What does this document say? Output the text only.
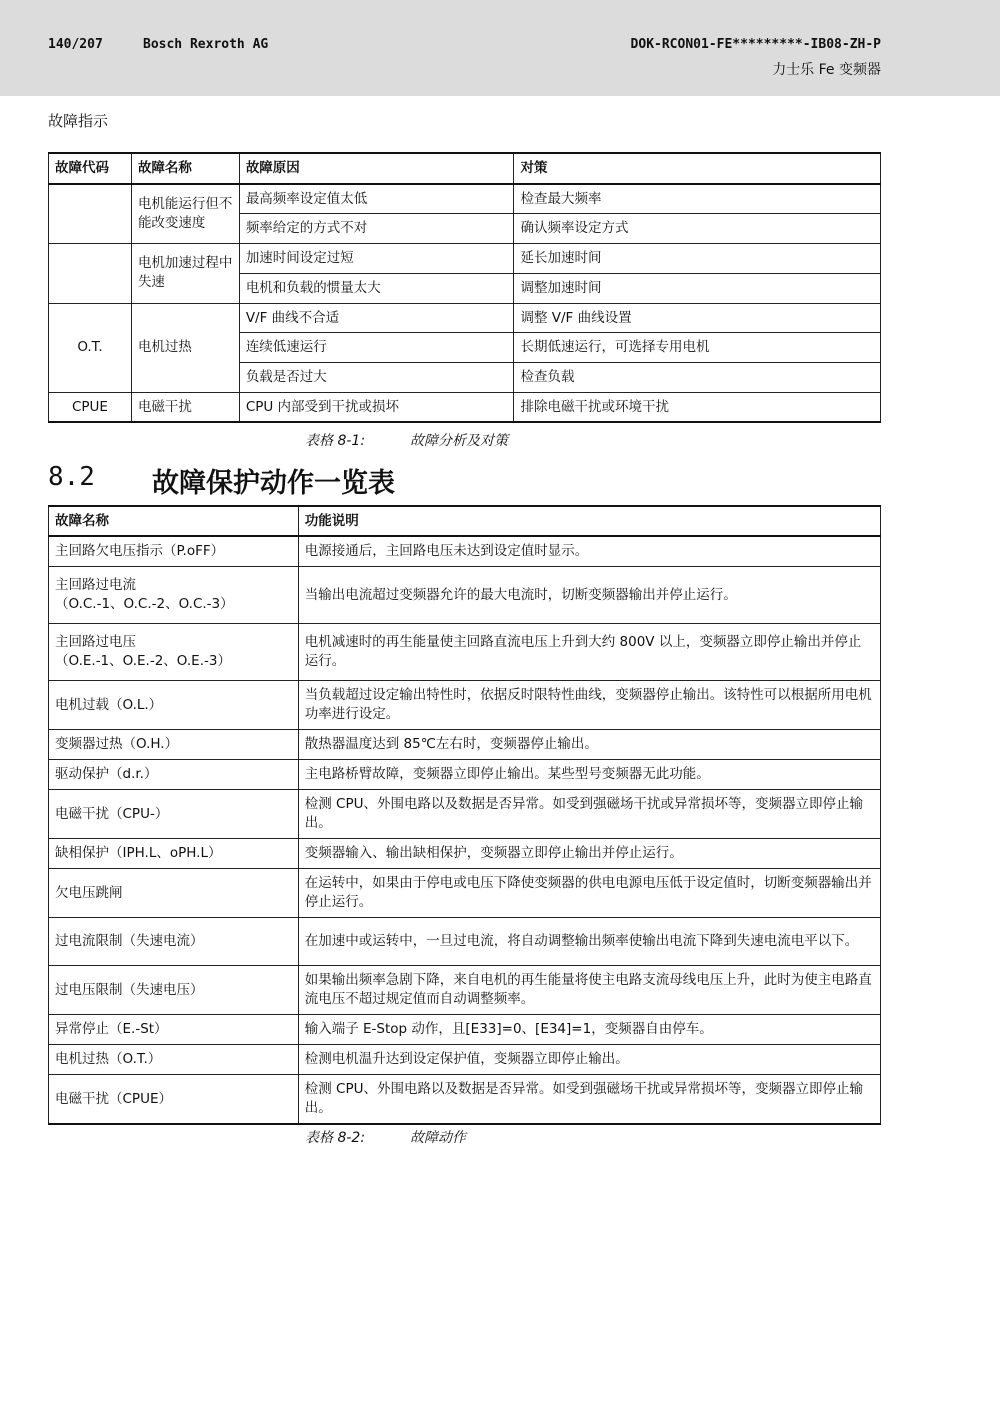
140/207	Bosch Rexroth AG	DOK-RCON01-FE*********-IB08-ZH-P
力士乐 Fe 变频器
故障指示
故障代码	故障名称	故障原因	对策
	电机能运行但不能改变速度	最高频率设定值太低	检查最大频率
		频率给定的方式不对	确认频率设定方式
	电机加速过程中失速	加速时间设定过短	延长加速时间
		电机和负载的惯量太大	调整加速时间
O.T.	电机过热	V/F 曲线不合适	调整 V/F 曲线设置
		连续低速运行	长期低速运行，可选择专用电机
		负载是否过大	检查负载
CPUE	电磁干扰	CPU 内部受到干扰或损坏	排除电磁干扰或环境干扰
表格 8-1:	故障分析及对策
8.2 故障保护动作一览表
故障名称	功能说明
主回路欠电压指示（P.oFF）	电源接通后，主回路电压未达到设定值时显示。
主回路过电流
（O.C.-1、O.C.-2、O.C.-3）	当输出电流超过变频器允许的最大电流时，切断变频器输出并停止运行。
主回路过电压
（O.E.-1、O.E.-2、O.E.-3）	电机减速时的再生能量使主回路直流电压上升到大约 800V 以上，变频器立即停止输出并停止运行。
电机过载（O.L.）	当负载超过设定输出特性时，依据反时限特性曲线，变频器停止输出。该特性可以根据所用电机功率进行设定。
变频器过热（O.H.）	散热器温度达到 85℃左右时，变频器停止输出。
驱动保护（d.r.）	主电路桥臂故障，变频器立即停止输出。某些型号变频器无此功能。
电磁干扰（CPU-）	检测 CPU、外围电路以及数据是否异常。如受到强磁场干扰或异常损坏等，变频器立即停止输出。
缺相保护（IPH.L、oPH.L）	变频器输入、输出缺相保护，变频器立即停止输出并停止运行。
欠电压跳闸	在运转中，如果由于停电或电压下降使变频器的供电电源电压低于设定值时，切断变频器输出并停止运行。
过电流限制（失速电流）	在加速中或运转中，一旦过电流，将自动调整输出频率使输出电流下降到失速电流电平以下。
过电压限制（失速电压）	如果输出频率急剧下降，来自电机的再生能量将使主电路支流母线电压上升，此时为使主电路直流电压不超过规定值而自动调整频率。
异常停止（E.-St）	输入端子 E-Stop 动作，且[E33]=0、[E34]=1，变频器自由停车。
电机过热（O.T.）	检测电机温升达到设定保护值，变频器立即停止输出。
电磁干扰（CPUE）	检测 CPU、外围电路以及数据是否异常。如受到强磁场干扰或异常损坏等，变频器立即停止输出。
表格 8-2:	故障动作
